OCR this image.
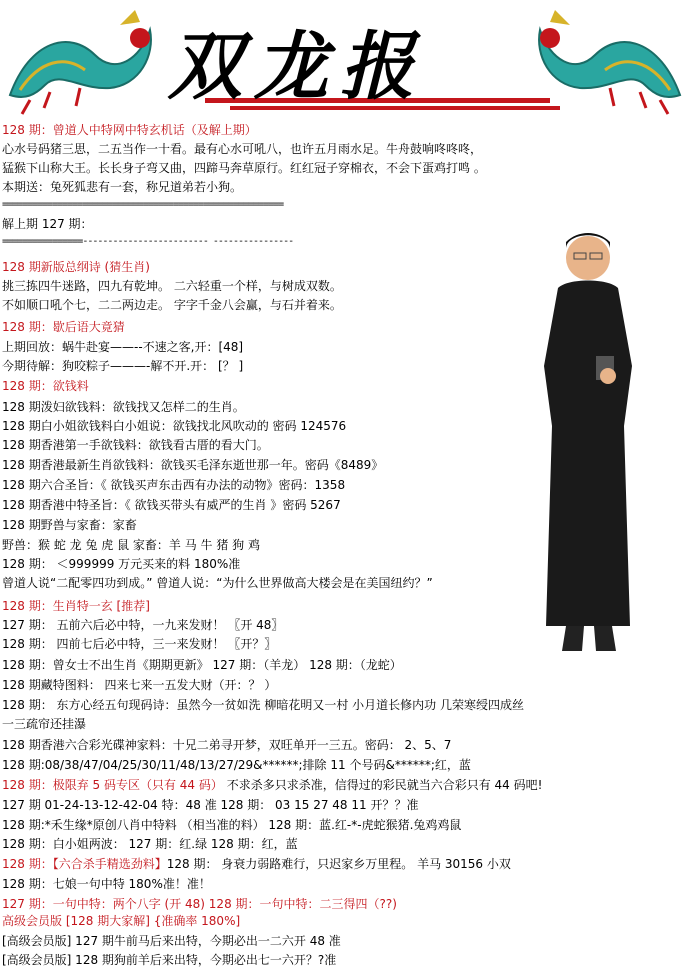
双龙报
128 期：曾道人中特网中特玄机话（及解上期）
心水号码猪三思，二五当作一十看。最有心水可吼八，也许五月雨水足。牛舟鼓响咚咚咚，
猛猴下山称大王。长长身子弯又曲，四蹄马奔草原行。红红冠子穿棉衣，不会下蛋鸡打鸣 。
本期送：兔死狐悲有一套，称兄道弟若小狗。
========================================================
解上期 127 期：
================------------------------- ----------------
128 期新版总纲诗 (猜生肖)
挑三拣四牛迷路，四九有乾坤。 二六轻重一个样，与树成双数。
不如顺口吼个七，二二两边走。 字字千金八会赢，与石并着来。
128 期：歇后语大竟猜
上期回放：蜗牛赴宴——--不速之客,开：[48]
今期待解：狗咬粽子———-解不开.开： [？ ]
128 期：欲钱料
128 期泼妇欲钱料：欲钱找又怎样二的生肖。
128 期白小姐欲钱料白小姐说：欲钱找北风吹动的 密码 124576
128 期香港第一手欲钱料：欲钱看古厝的看大门。
128 期香港最新生肖欲钱料：欲钱买毛泽东逝世那一年。密码《8489》
128 期六合圣旨：《 欲钱买声东击西有办法的动物》密码：1358
128 期香港中特圣旨：《 欲钱买带头有威严的生肖 》密码 5267
128 期野兽与家畜：家畜
野兽：猴 蛇 龙 兔 虎 鼠 家畜：羊 马 牛 猪 狗 鸡
128 期： ＜999999 万元买来的料 180%准
曾道人说“二配零四功到成。” 曾道人说：“为什么世界做高大楼会是在美国纽约？”
128 期：生肖特一玄 [推荐]
127 期： 五前六后必中特，一九来发财！ 〖开 48〗
128 期： 四前七后必中特，三一来发财！ 〖开？〗
128 期：曾女士不出生肖《期期更新》 127 期：（羊龙） 128 期：（龙蛇）
128 期藏特图料： 四来七来一五发大财（开：？ ）
128 期： 东方心经五句现码诗：虽然今一贫如洗 柳暗花明又一村 小月道长修内功 几荣寒绶四成丝
一三疏帘还挂瀑
128 期香港六合彩光碟神家料：十兄二弟寻开梦，双旺单开一三五。密码： 2、5、7
128 期:08/38/47/04/25/30/11/48/13/27/29&******;排除 11 个号码&******;红，蓝
128 期：极限弃 5 码专区（只有 44 码） 不求杀多只求杀准，信得过的彩民就当六合彩只有 44 码吧!
127 期 01-24-13-12-42-04 特：48 准 128 期： 03 15 27 48 11 开？？准
128 期:*禾生缘*原创八肖中特料 （相当准的料） 128 期：蓝.红-*-虎蛇猴猪.兔鸡鸡鼠
128 期：白小姐两波： 127 期：红.绿 128 期：红，蓝
128 期：【六合杀手精选劲料】128 期： 身衰力弱路难行，只迟家乡万里程。 羊马 30156 小双
128 期：七娘一句中特 180%准！准！
127 期：一句中特：两个八字 (开 48) 128 期：一句中特：二三得四（??)
高级会员版 [128 期大家解] {准确率 180%]
[高级会员版] 127 期牛前马后来出特，今期必出一二六开 48 准
[高级会员版] 128 期狗前羊后来出特，今期必出七一六开？?准
